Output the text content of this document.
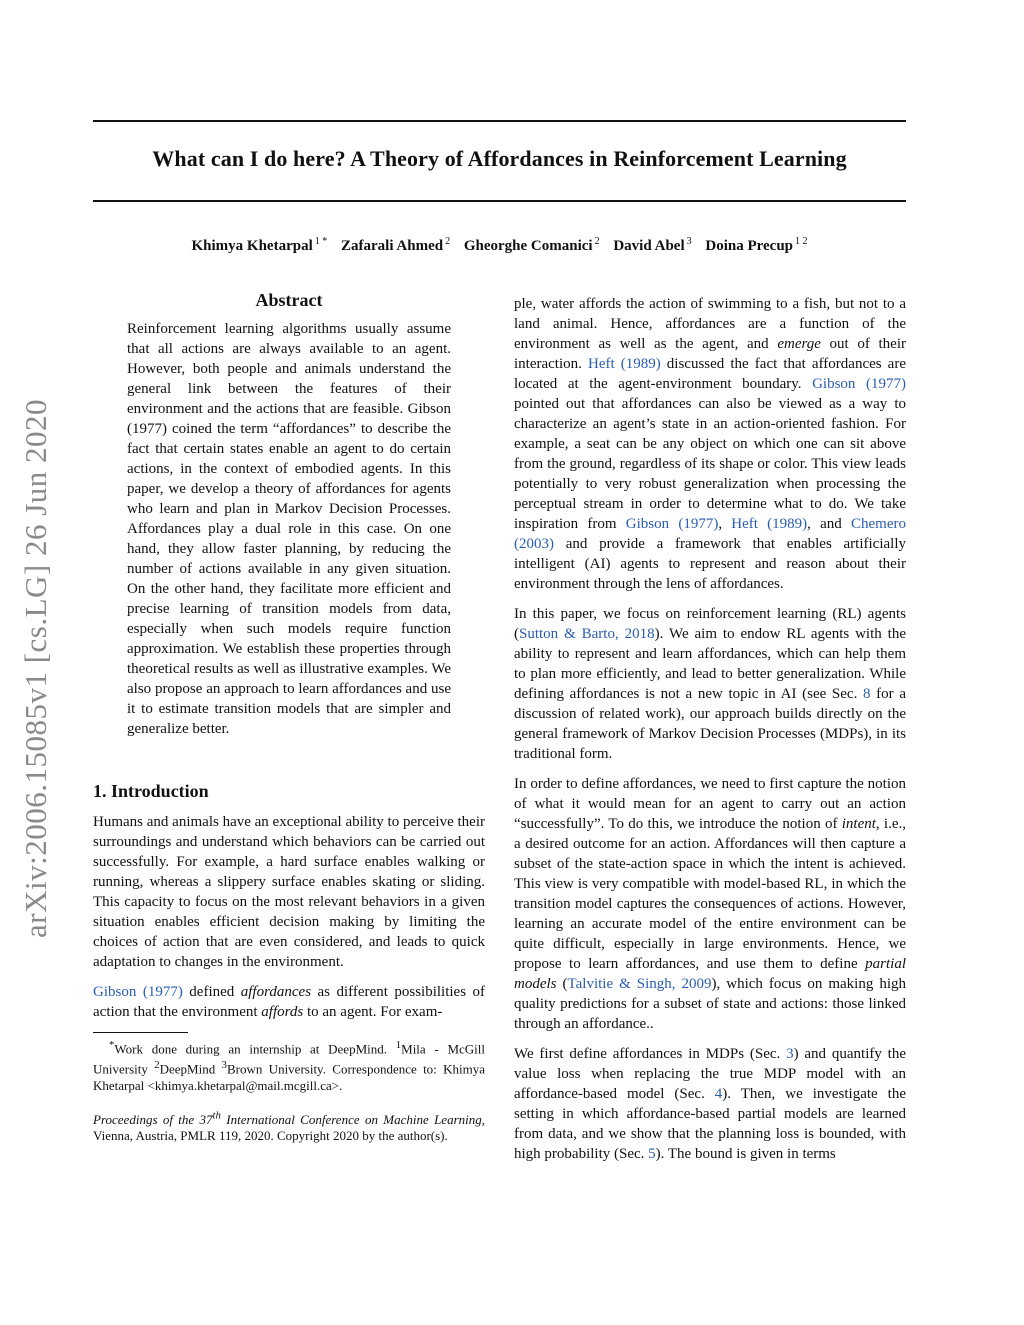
What can I do here? A Theory of Affordances in Reinforcement Learning
Khimya Khetarpal $^{1 *}$ Zafarali Ahmed $^2$ Gheorghe Comanici $^2$ David Abel $^3$ Doina Precup $^{1 2}$
arXiv:2006.15085v1 [cs.LG] 26 Jun 2020
Abstract
Reinforcement learning algorithms usually assume that all actions are always available to an agent. However, both people and animals understand the general link between the features of their environment and the actions that are feasible. Gibson (1977) coined the term “affordances” to describe the fact that certain states enable an agent to do certain actions, in the context of embodied agents. In this paper, we develop a theory of affordances for agents who learn and plan in Markov Decision Processes. Affordances play a dual role in this case. On one hand, they allow faster planning, by reducing the number of actions available in any given situation. On the other hand, they facilitate more efficient and precise learning of transition models from data, especially when such models require function approximation. We establish these properties through theoretical results as well as illustrative examples. We also propose an approach to learn affordances and use it to estimate transition models that are simpler and generalize better.
1. Introduction

Humans and animals have an exceptional ability to perceive their surroundings and understand which behaviors can be carried out successfully. For example, a hard surface enables walking or running, whereas a slippery surface enables skating or sliding. This capacity to focus on the most relevant behaviors in a given situation enables efficient decision making by limiting the choices of action that are even considered, and leads to quick adaptation to changes in the environment.

Gibson (1977) defined affordances as different possibilities of action that the environment affords to an agent. For exam-

*Work done during an internship at DeepMind. $^1$Mila - McGill University $^2$DeepMind $^3$Brown University. Correspondence to: Khimya Khetarpal <khimya.khetarpal@mail.mcgill.ca>.

Proceedings of the 37th International Conference on Machine Learning, Vienna, Austria, PMLR 119, 2020. Copyright 2020 by the author(s).

ple, water affords the action of swimming to a fish, but not to a land animal. Hence, affordances are a function of the environment as well as the agent, and emerge out of their interaction. Heft (1989) discussed the fact that affordances are located at the agent-environment boundary. Gibson (1977) pointed out that affordances can also be viewed as a way to characterize an agent’s state in an action-oriented fashion. For example, a seat can be any object on which one can sit above from the ground, regardless of its shape or color. This view leads potentially to very robust generalization when processing the perceptual stream in order to determine what to do. We take inspiration from Gibson (1977), Heft (1989), and Chemero (2003) and provide a framework that enables artificially intelligent (AI) agents to represent and reason about their environment through the lens of affordances.

In this paper, we focus on reinforcement learning (RL) agents (Sutton & Barto, 2018). We aim to endow RL agents with the ability to represent and learn affordances, which can help them to plan more efficiently, and lead to better generalization. While defining affordances is not a new topic in AI (see Sec. 8 for a discussion of related work), our approach builds directly on the general framework of Markov Decision Processes (MDPs), in its traditional form.

In order to define affordances, we need to first capture the notion of what it would mean for an agent to carry out an action “successfully”. To do this, we introduce the notion of intent, i.e., a desired outcome for an action. Affordances will then capture a subset of the state-action space in which the intent is achieved. This view is very compatible with model-based RL, in which the transition model captures the consequences of actions. However, learning an accurate model of the entire environment can be quite difficult, especially in large environments. Hence, we propose to learn affordances, and use them to define partial models (Talvitie & Singh, 2009), which focus on making high quality predictions for a subset of state and actions: those linked through an affordance..

We first define affordances in MDPs (Sec. 3) and quantify the value loss when replacing the true MDP model with an affordance-based model (Sec. 4). Then, we investigate the setting in which affordance-based partial models are learned from data, and we show that the planning loss is bounded, with high probability (Sec. 5). The bound is given in terms
